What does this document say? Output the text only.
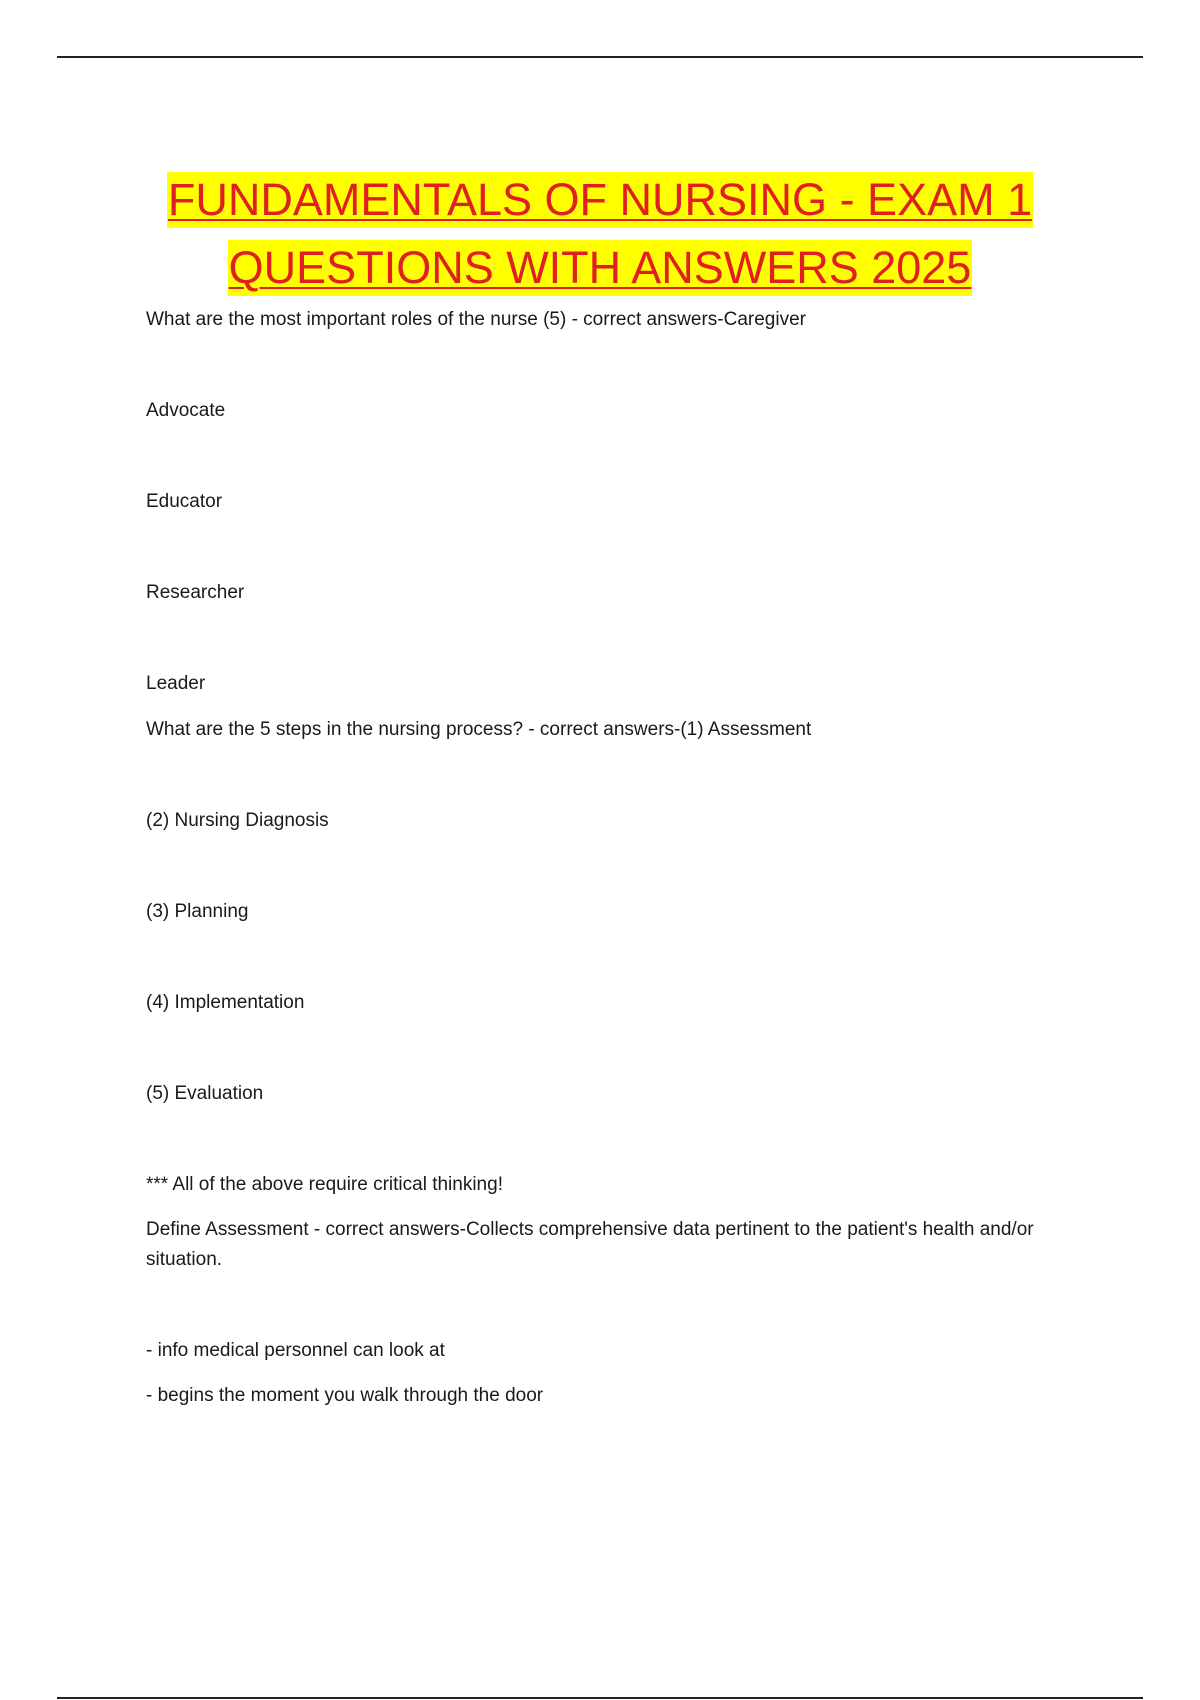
FUNDAMENTALS OF NURSING - EXAM 1
QUESTIONS WITH ANSWERS 2025
What are the most important roles of the nurse (5) - correct answers-Caregiver
Advocate
Educator
Researcher
Leader
What are the 5 steps in the nursing process? - correct answers-(1) Assessment
(2) Nursing Diagnosis
(3) Planning
(4) Implementation
(5) Evaluation
*** All of the above require critical thinking!
Define Assessment - correct answers-Collects comprehensive data pertinent to the patient's health and/or situation.
- info medical personnel can look at
- begins the moment you walk through the door
